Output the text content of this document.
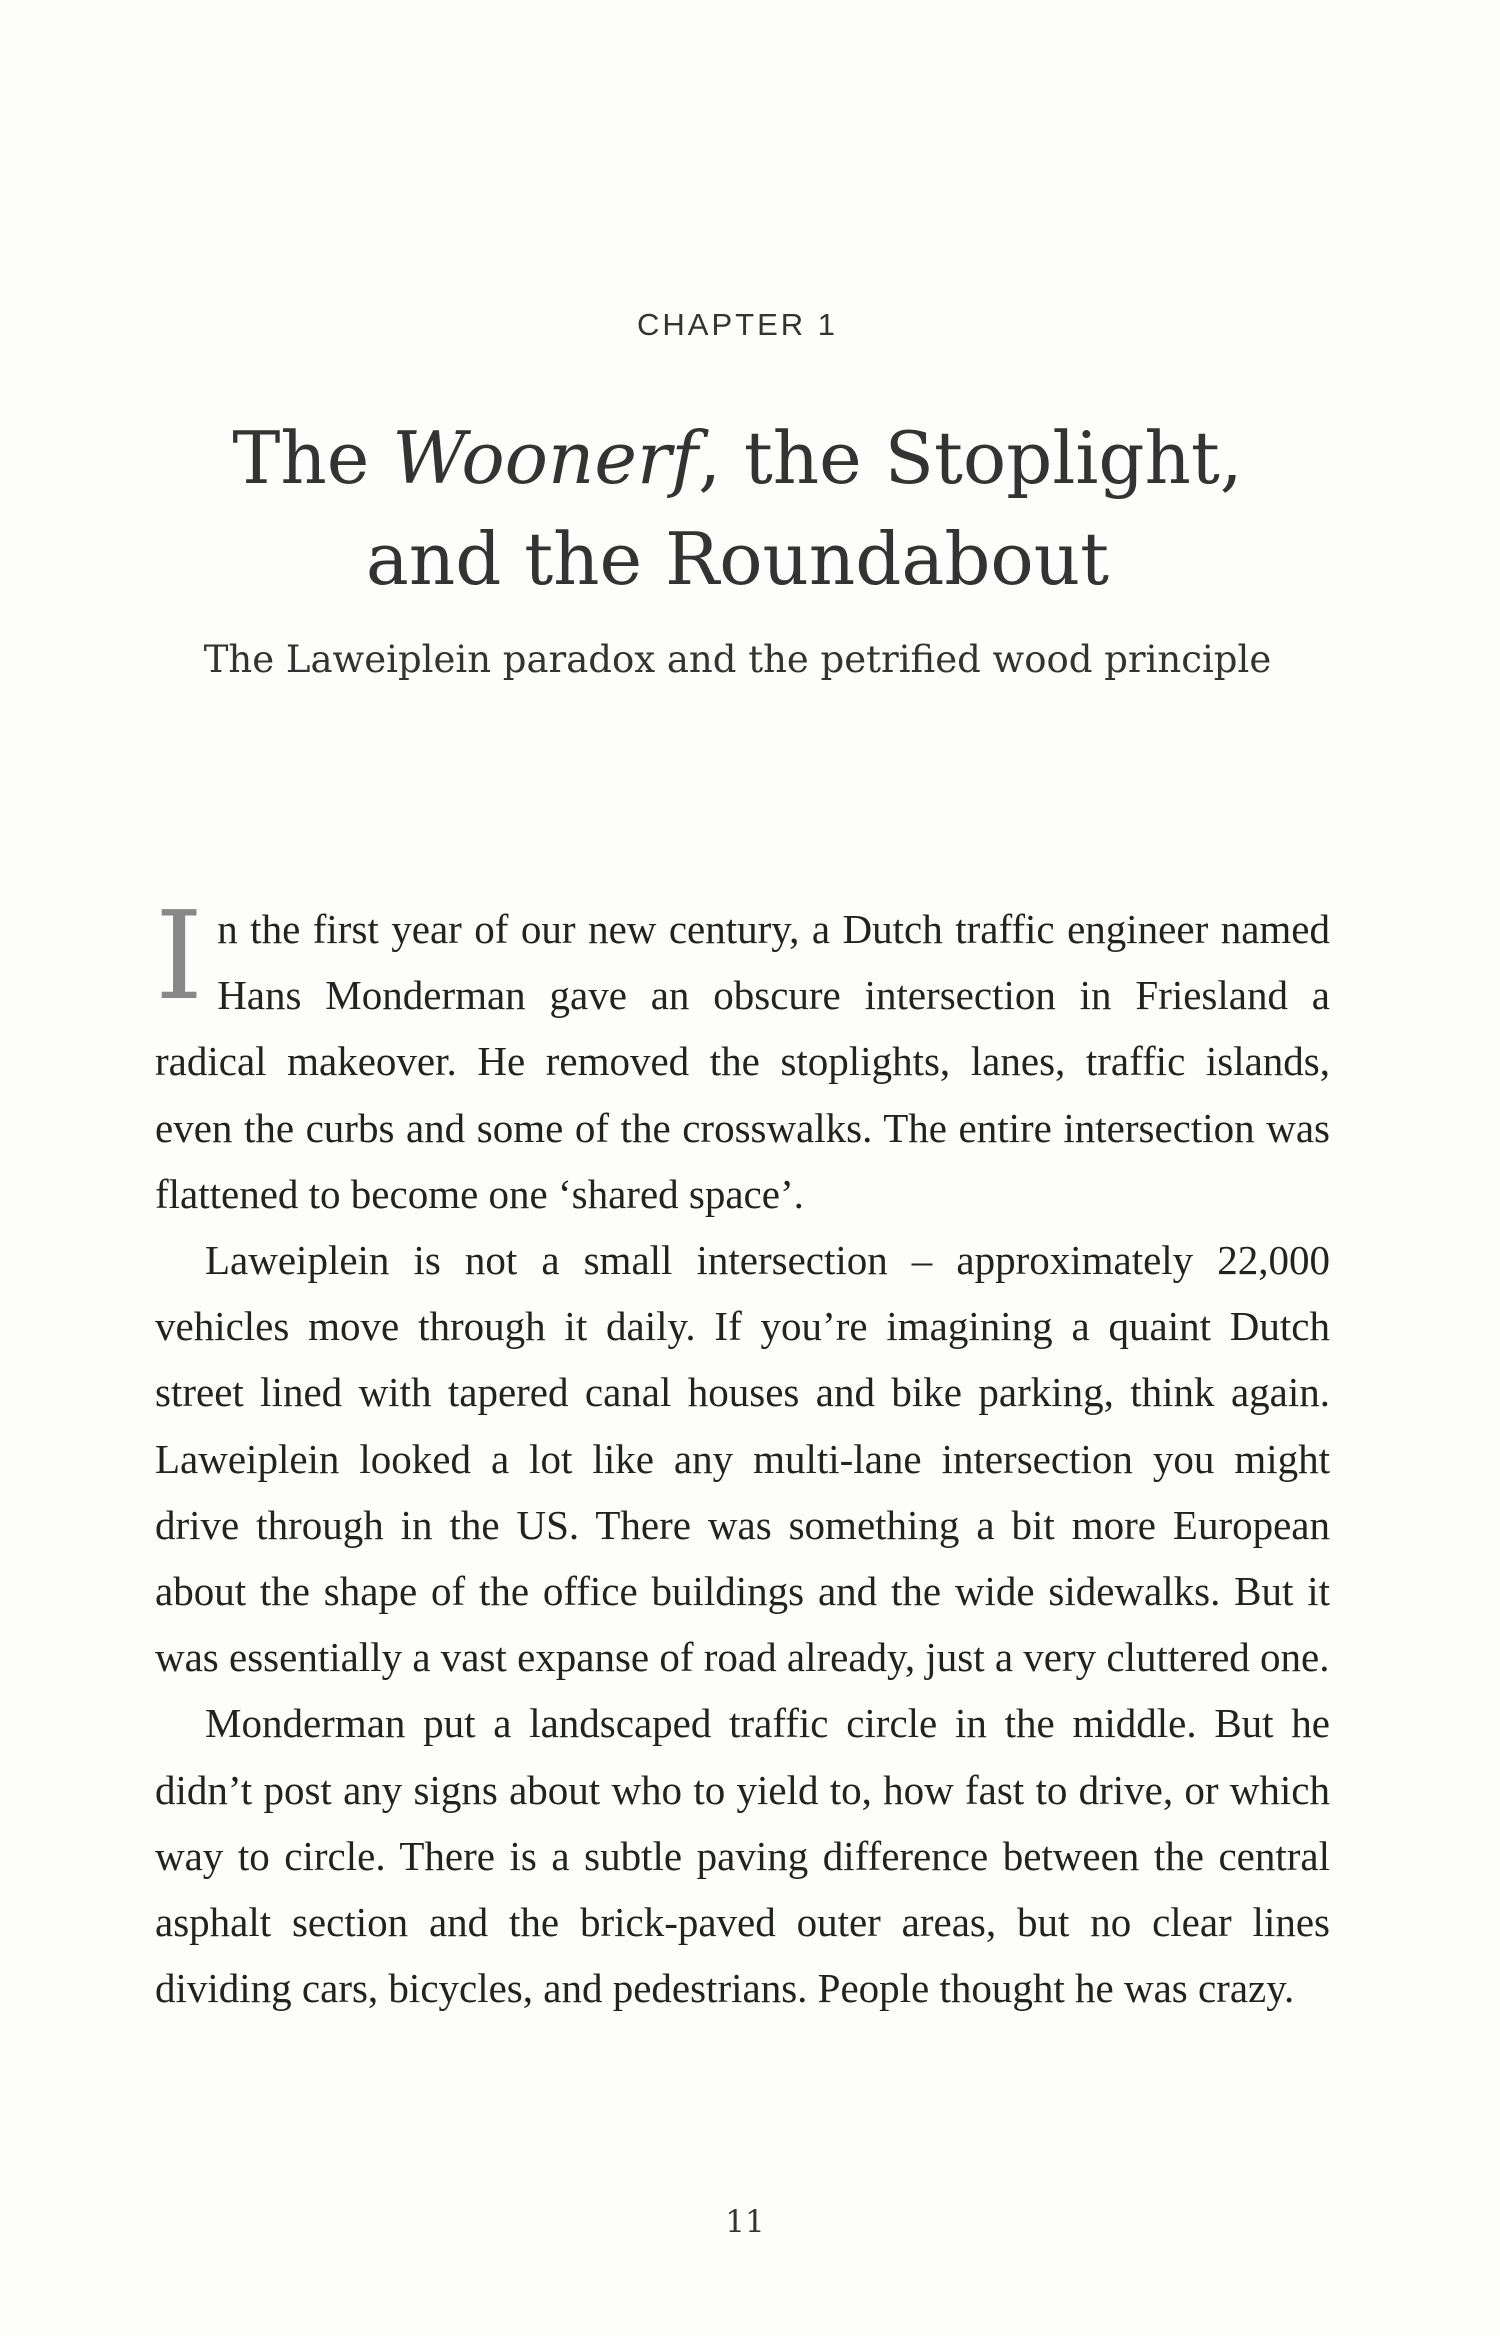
CHAPTER 1
The Woonerf, the Stoplight,
and the Roundabout
The Laweiplein paradox and the petrified wood principle

In the first year of our new century, a Dutch traffic engineer named Hans Monderman gave an obscure intersection in Friesland a radical makeover. He removed the stoplights, lanes, traffic islands, even the curbs and some of the crosswalks. The entire intersection was flattened to become one ‘shared space’.

Laweiplein is not a small intersection – approximately 22,000 vehicles move through it daily. If you’re imagining a quaint Dutch street lined with tapered canal houses and bike parking, think again. Laweiplein looked a lot like any multi-lane intersection you might drive through in the US. There was something a bit more European about the shape of the office buildings and the wide sidewalks. But it was essentially a vast expanse of road already, just a very cluttered one.

Monderman put a landscaped traffic circle in the middle. But he didn’t post any signs about who to yield to, how fast to drive, or which way to circle. There is a subtle paving difference between the central asphalt section and the brick-paved outer areas, but no clear lines dividing cars, bicycles, and pedestrians. People thought he was crazy.

11
